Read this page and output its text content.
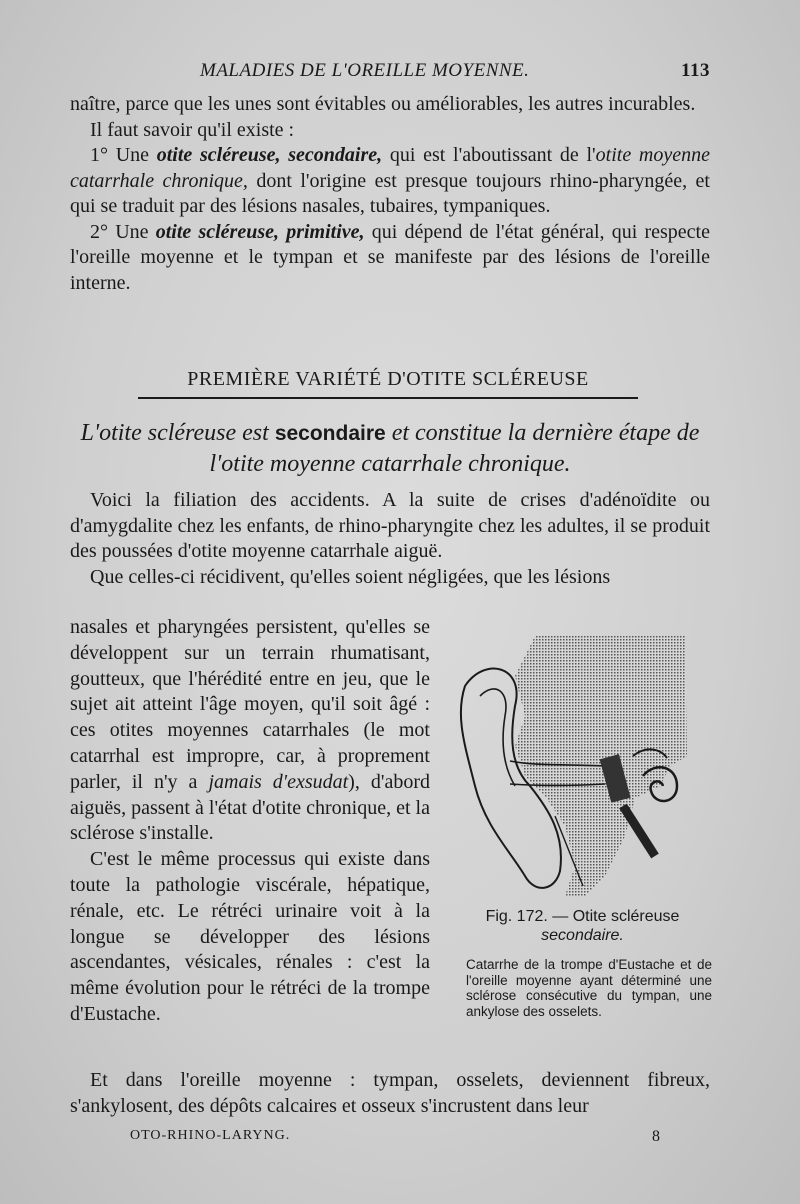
MALADIES DE L'OREILLE MOYENNE.	113

naître, parce que les unes sont évitables ou améliorables, les autres incurables.

Il faut savoir qu'il existe :

1° Une otite scléreuse, secondaire, qui est l'aboutissant de l'otite moyenne catarrhale chronique, dont l'origine est presque toujours rhino-pharyngée, et qui se traduit par des lésions nasales, tubaires, tympaniques.

2° Une otite scléreuse, primitive, qui dépend de l'état général, qui respecte l'oreille moyenne et le tympan et se manifeste par des lésions de l'oreille interne.

PREMIÈRE VARIÉTÉ D'OTITE SCLÉREUSE
L'otite scléreuse est secondaire et constitue la dernière étape de l'otite moyenne catarrhale chronique.

Voici la filiation des accidents. A la suite de crises d'adénoïdite ou d'amygdalite chez les enfants, de rhino-pharyngite chez les adultes, il se produit des poussées d'otite moyenne catarrhale aiguë.

Que celles-ci récidivent, qu'elles soient négligées, que les lésions

nasales et pharyngées persistent, qu'elles se développent sur un terrain rhumatisant, goutteux, que l'hérédité entre en jeu, que le sujet ait atteint l'âge moyen, qu'il soit âgé : ces otites moyennes catarrhales (le mot catarrhal est impropre, car, à proprement parler, il n'y a jamais d'exsudat), d'abord aiguës, passent à l'état d'otite chronique, et la sclérose s'installe.

C'est le même processus qui existe dans toute la pathologie viscérale, hépatique, rénale, etc. Le rétréci urinaire voit à la longue se développer des lésions ascendantes, vésicales, rénales : c'est la même évolution pour le rétréci de la trompe d'Eustache.

Fig. 172. — Otite scléreuse
secondaire.
Catarrhe de la trompe d'Eustache et de l'oreille moyenne ayant déterminé une sclérose consécutive du tympan, une ankylose des osselets.

Et dans l'oreille moyenne : tympan, osselets, deviennent fibreux, s'ankylosent, des dépôts calcaires et osseux s'incrustent dans leur

OTO-RHINO-LARYNG.	8
